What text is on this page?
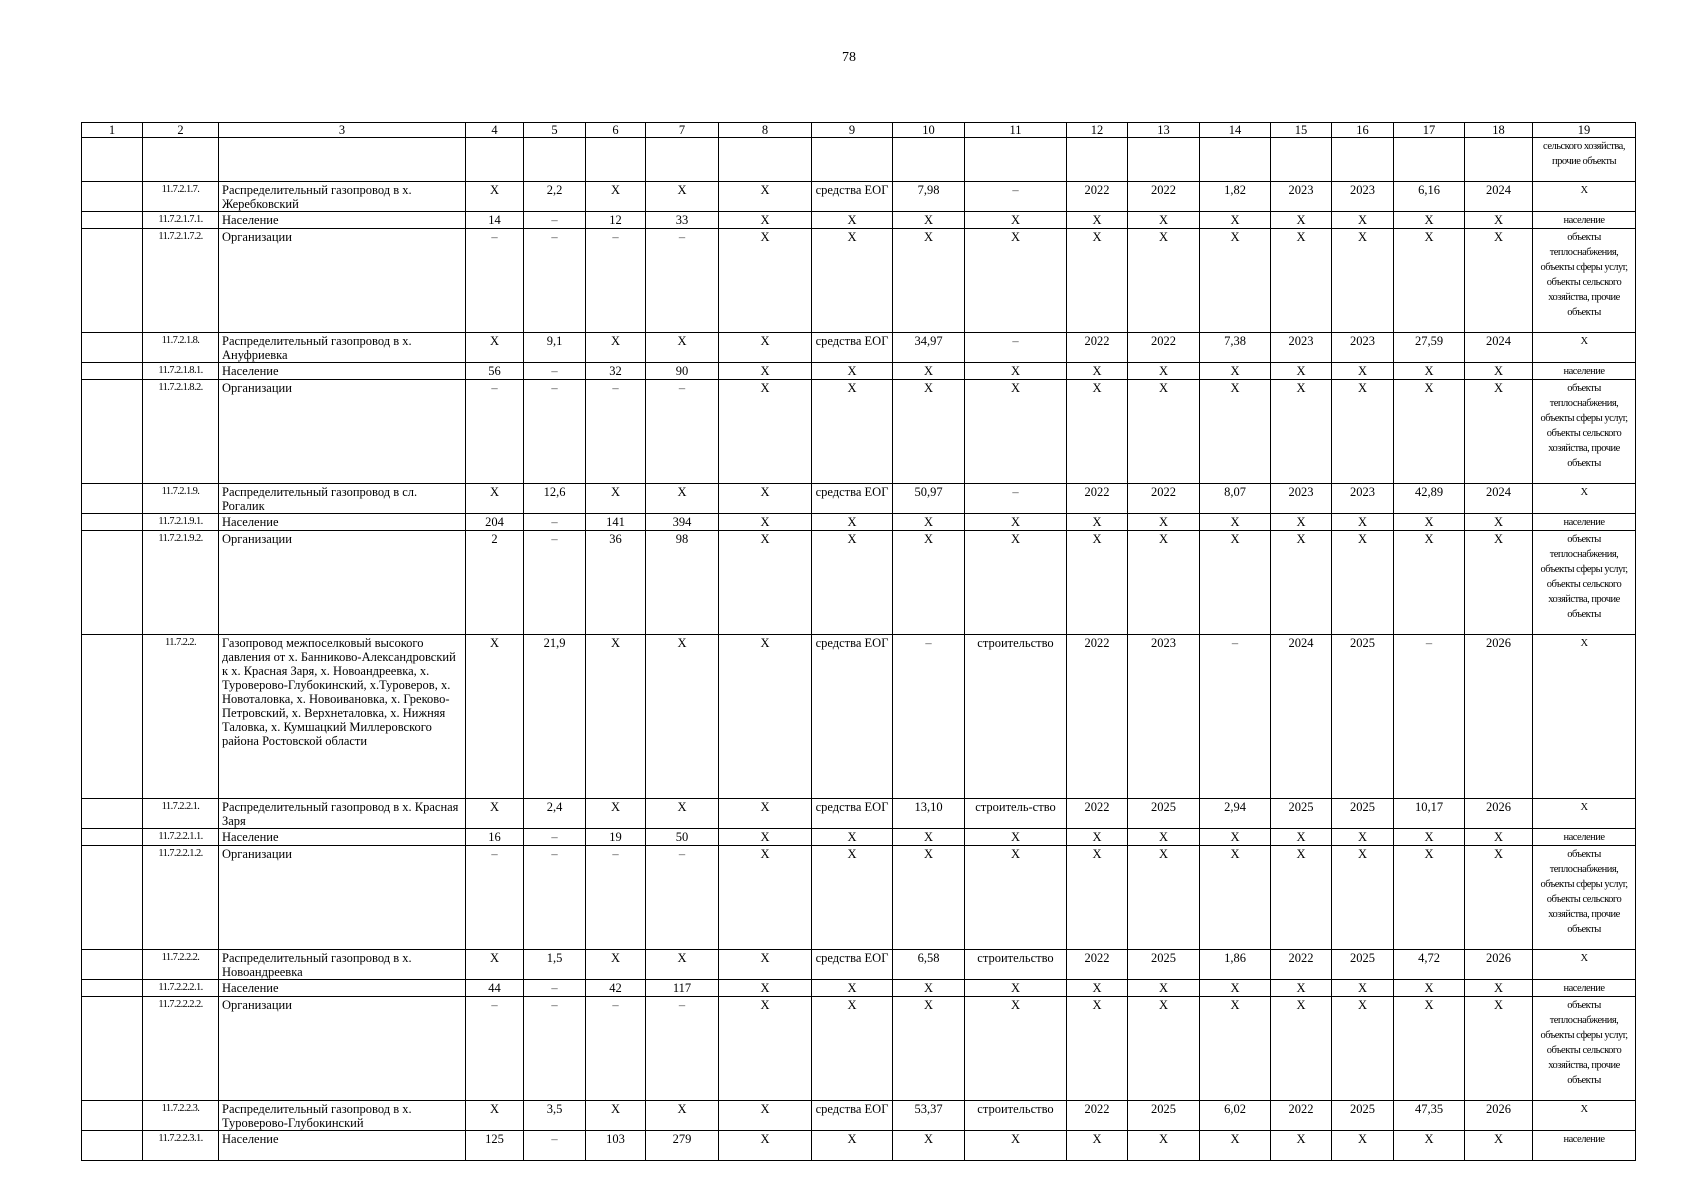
78
1	2	3	4	5	6	7	8	9	10	11	12	13	14	15	16	17	18	19
																		сельского хозяйства, прочие объекты
	11.7.2.1.7.	Распределительный газопровод в х. Жеребковский	Х	2,2	Х	Х	Х	средства ЕОГ	7,98	–	2022	2022	1,82	2023	2023	6,16	2024	Х
	11.7.2.1.7.1.	Население	14	–	12	33	Х	Х	Х	Х	Х	Х	Х	Х	Х	Х	Х	население
	11.7.2.1.7.2.	Организации	–	–	–	–	Х	Х	Х	Х	Х	Х	Х	Х	Х	Х	Х	объекты теплоснабжения, объекты сферы услуг, объекты сельского хозяйства, прочие объекты
	11.7.2.1.8.	Распределительный газопровод в х. Ануфриевка	Х	9,1	Х	Х	Х	средства ЕОГ	34,97	–	2022	2022	7,38	2023	2023	27,59	2024	Х
	11.7.2.1.8.1.	Население	56	–	32	90	Х	Х	Х	Х	Х	Х	Х	Х	Х	Х	Х	население
	11.7.2.1.8.2.	Организации	–	–	–	–	Х	Х	Х	Х	Х	Х	Х	Х	Х	Х	Х	объекты теплоснабжения, объекты сферы услуг, объекты сельского хозяйства, прочие объекты
	11.7.2.1.9.	Распределительный газопровод в сл. Рогалик	Х	12,6	Х	Х	Х	средства ЕОГ	50,97	–	2022	2022	8,07	2023	2023	42,89	2024	Х
	11.7.2.1.9.1.	Население	204	–	141	394	Х	Х	Х	Х	Х	Х	Х	Х	Х	Х	Х	население
	11.7.2.1.9.2.	Организации	2	–	36	98	Х	Х	Х	Х	Х	Х	Х	Х	Х	Х	Х	объекты теплоснабжения, объекты сферы услуг, объекты сельского хозяйства, прочие объекты
	11.7.2.2.	Газопровод межпоселковый высокого давления от х. Банниково-Александровский к х. Красная Заря, х. Новоандреевка, х. Туроверово-Глубокинский, х.Туроверов, х. Новоталовка, х. Новоивановка, х. Греково-Петровский, х. Верхнеталовка, х. Нижняя Таловка, х. Кумшацкий Миллеровского района Ростовской области	Х	21,9	Х	Х	Х	средства ЕОГ	–	строительство	2022	2023	–	2024	2025	–	2026	Х
	11.7.2.2.1.	Распределительный газопровод в х. Красная Заря	Х	2,4	Х	Х	Х	средства ЕОГ	13,10	строитель-ство	2022	2025	2,94	2025	2025	10,17	2026	Х
	11.7.2.2.1.1.	Население	16	–	19	50	Х	Х	Х	Х	Х	Х	Х	Х	Х	Х	Х	население
	11.7.2.2.1.2.	Организации	–	–	–	–	Х	Х	Х	Х	Х	Х	Х	Х	Х	Х	Х	объекты теплоснабжения, объекты сферы услуг, объекты сельского хозяйства, прочие объекты
	11.7.2.2.2.	Распределительный газопровод в х. Новоандреевка	Х	1,5	Х	Х	Х	средства ЕОГ	6,58	строительство	2022	2025	1,86	2022	2025	4,72	2026	Х
	11.7.2.2.2.1.	Население	44	–	42	117	Х	Х	Х	Х	Х	Х	Х	Х	Х	Х	Х	население
	11.7.2.2.2.2.	Организации	–	–	–	–	Х	Х	Х	Х	Х	Х	Х	Х	Х	Х	Х	объекты теплоснабжения, объекты сферы услуг, объекты сельского хозяйства, прочие объекты
	11.7.2.2.3.	Распределительный газопровод в х. Туроверово-Глубокинский	Х	3,5	Х	Х	Х	средства ЕОГ	53,37	строительство	2022	2025	6,02	2022	2025	47,35	2026	Х
	11.7.2.2.3.1.	Население	125	–	103	279	Х	Х	Х	Х	Х	Х	Х	Х	Х	Х	Х	население
